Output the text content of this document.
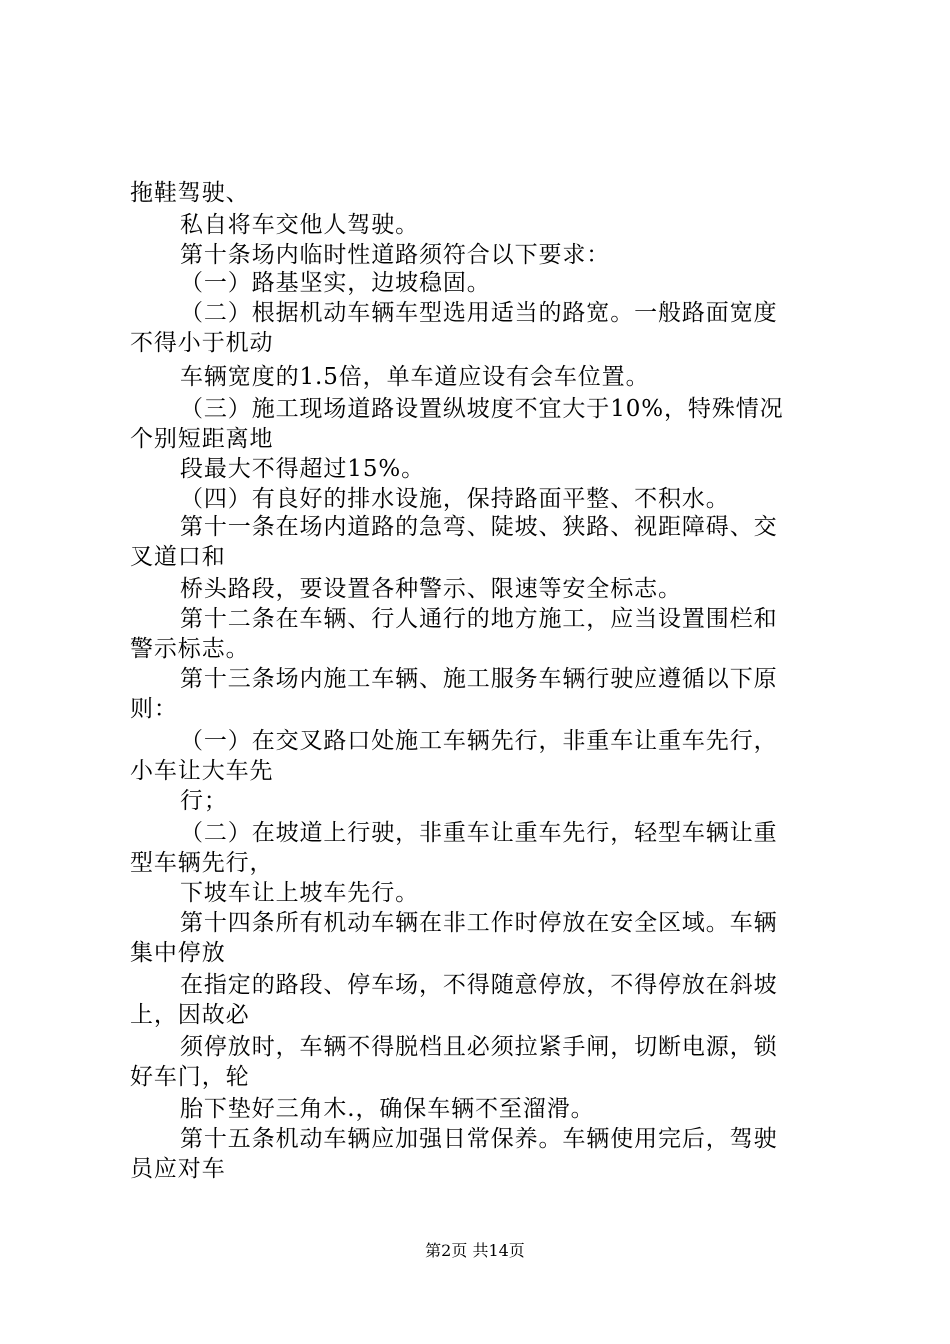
拖鞋驾驶、
私自将车交他人驾驶。
第十条场内临时性道路须符合以下要求：
（一）路基坚实，边坡稳固。
（二）根据机动车辆车型选用适当的路宽。一般路面宽度
不得小于机动
车辆宽度的1.5倍，单车道应设有会车位置。
（三）施工现场道路设置纵坡度不宜大于10%，特殊情况
个别短距离地
段最大不得超过15%。
（四）有良好的排水设施，保持路面平整、不积水。
第十一条在场内道路的急弯、陡坡、狭路、视距障碍、交
叉道口和
桥头路段，要设置各种警示、限速等安全标志。
第十二条在车辆、行人通行的地方施工，应当设置围栏和
警示标志。
第十三条场内施工车辆、施工服务车辆行驶应遵循以下原
则：
（一）在交叉路口处施工车辆先行，非重车让重车先行，
小车让大车先
行；
（二）在坡道上行驶，非重车让重车先行，轻型车辆让重
型车辆先行，
下坡车让上坡车先行。
第十四条所有机动车辆在非工作时停放在安全区域。车辆
集中停放
在指定的路段、停车场，不得随意停放，不得停放在斜坡
上，因故必
须停放时，车辆不得脱档且必须拉紧手闸，切断电源，锁
好车门，轮
胎下垫好三角木.，确保车辆不至溜滑。
第十五条机动车辆应加强日常保养。车辆使用完后，驾驶
员应对车
第2页 共14页
